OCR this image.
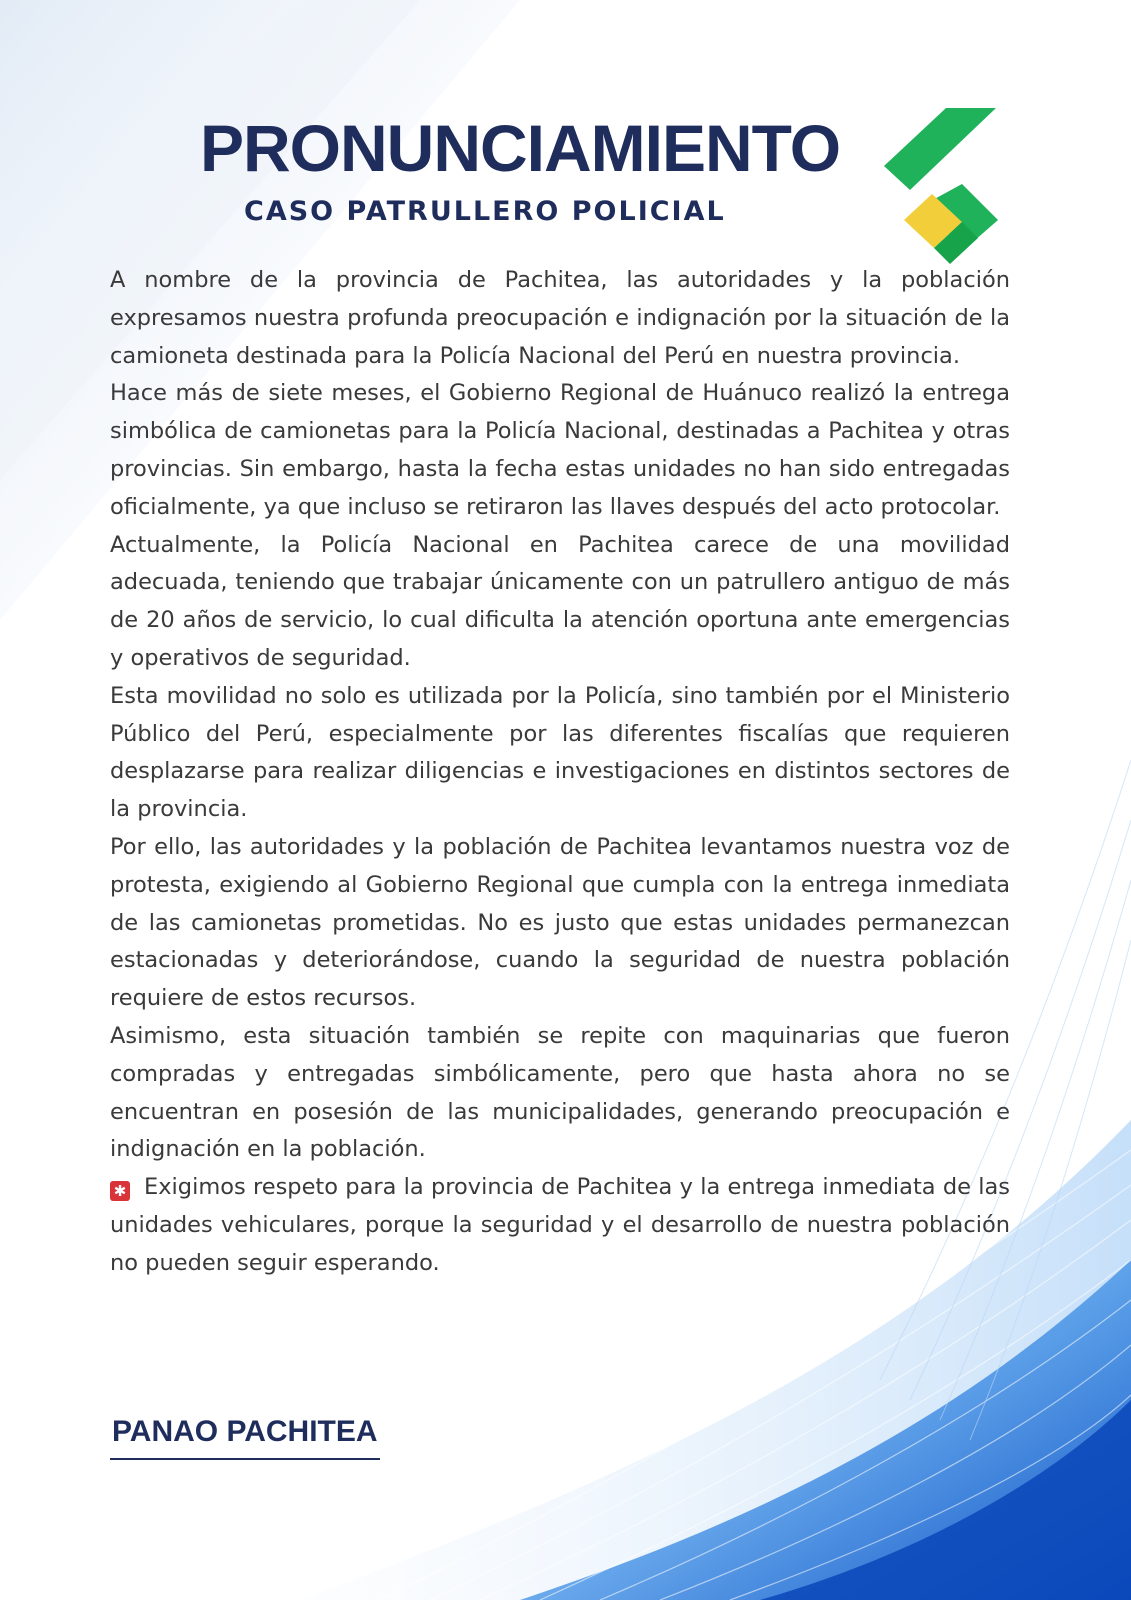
PRONUNCIAMIENTO
CASO PATRULLERO POLICIAL

A nombre de la provincia de Pachitea, las autoridades y la población expresamos nuestra profunda preocupación e indignación por la situación de la camioneta destinada para la Policía Nacional del Perú en nuestra provincia.

Hace más de siete meses, el Gobierno Regional de Huánuco realizó la entrega simbólica de camionetas para la Policía Nacional, destinadas a Pachitea y otras provincias. Sin embargo, hasta la fecha estas unidades no han sido entregadas oficialmente, ya que incluso se retiraron las llaves después del acto protocolar.

Actualmente, la Policía Nacional en Pachitea carece de una movilidad adecuada, teniendo que trabajar únicamente con un patrullero antiguo de más de 20 años de servicio, lo cual dificulta la atención oportuna ante emergencias y operativos de seguridad.

Esta movilidad no solo es utilizada por la Policía, sino también por el Ministerio Público del Perú, especialmente por las diferentes fiscalías que requieren desplazarse para realizar diligencias e investigaciones en distintos sectores de la provincia.

Por ello, las autoridades y la población de Pachitea levantamos nuestra voz de protesta, exigiendo al Gobierno Regional que cumpla con la entrega inmediata de las camionetas prometidas. No es justo que estas unidades permanezcan estacionadas y deteriorándose, cuando la seguridad de nuestra población requiere de estos recursos.

Asimismo, esta situación también se repite con maquinarias que fueron compradas y entregadas simbólicamente, pero que hasta ahora no se encuentran en posesión de las municipalidades, generando preocupación e indignación en la población.

✱ Exigimos respeto para la provincia de Pachitea y la entrega inmediata de las unidades vehiculares, porque la seguridad y el desarrollo de nuestra población no pueden seguir esperando.

PANAO PACHITEA
